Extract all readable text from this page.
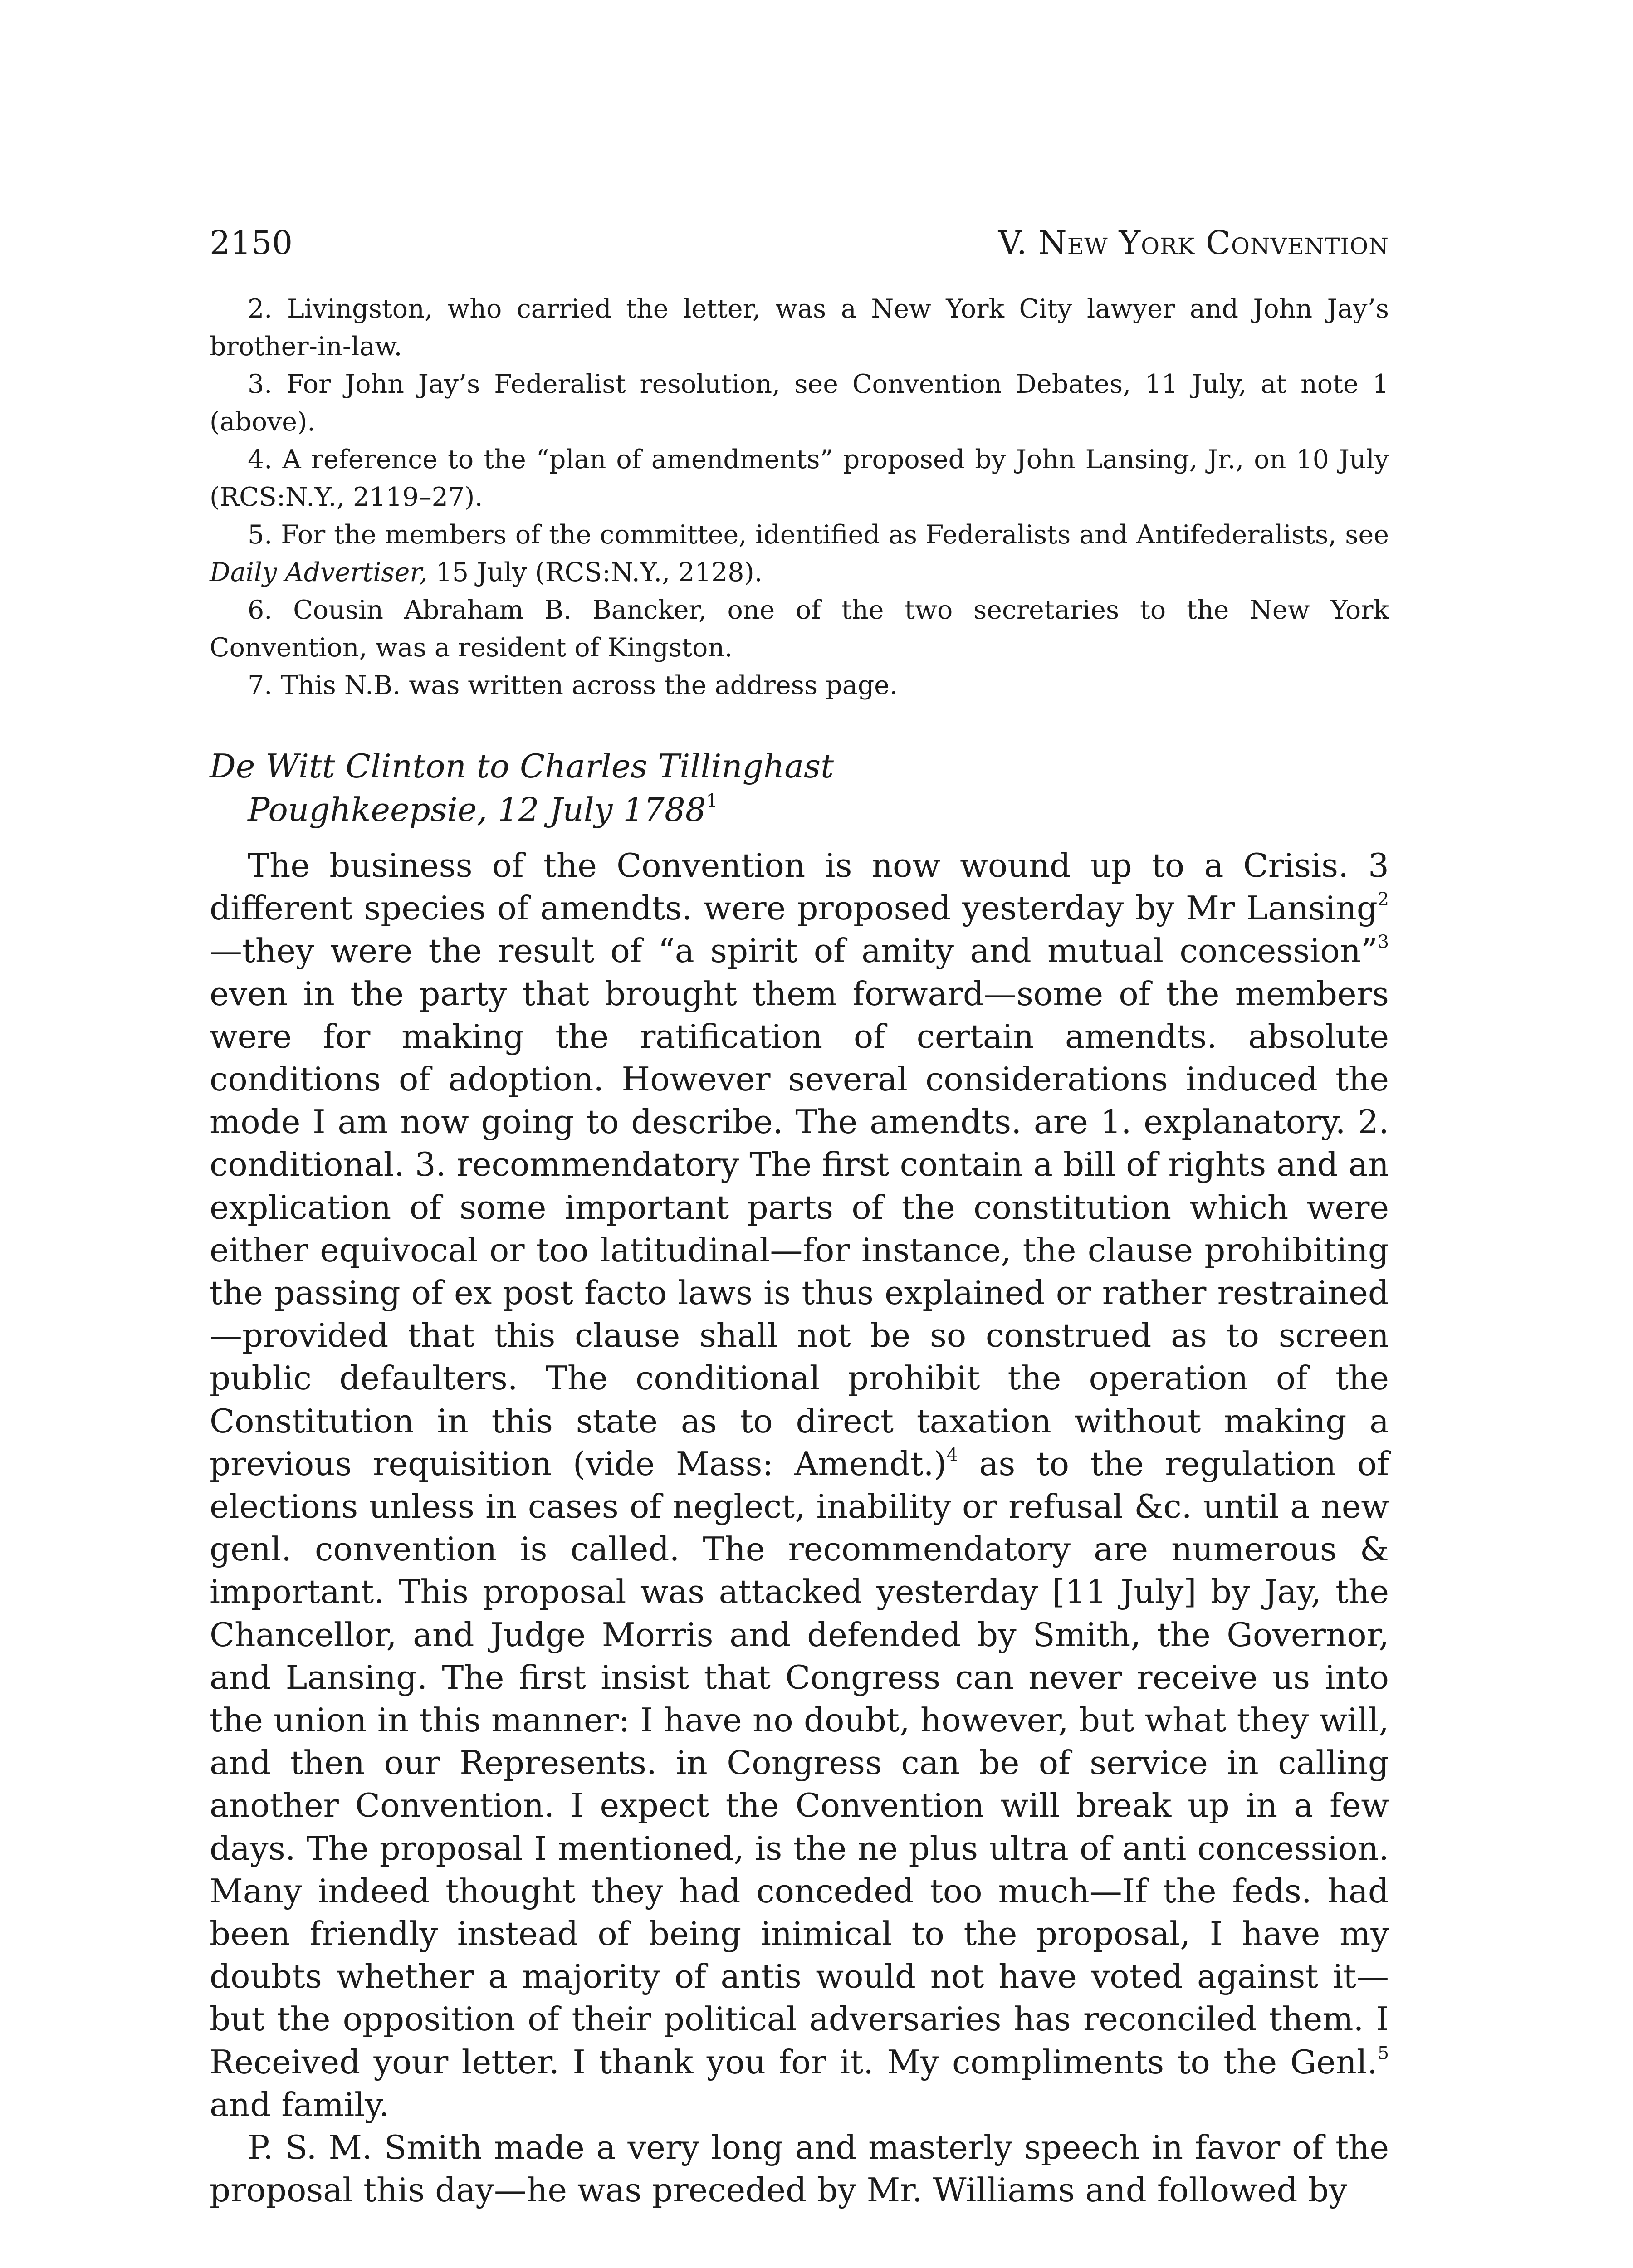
2150	V. New York Convention

2. Livingston, who carried the letter, was a New York City lawyer and John Jay’s brother-in-law.

3. For John Jay’s Federalist resolution, see Convention Debates, 11 July, at note 1 (above).

4. A reference to the “plan of amendments” proposed by John Lansing, Jr., on 10 July (RCS:N.Y., 2119–27).

5. For the members of the committee, identified as Federalists and Antifederalists, see Daily Advertiser, 15 July (RCS:N.Y., 2128).

6. Cousin Abraham B. Bancker, one of the two secretaries to the New York Convention, was a resident of Kingston.

7. This N.B. was written across the address page.

De Witt Clinton to Charles Tillinghast
Poughkeepsie, 12 July 1788$^1$

The business of the Convention is now wound up to a Crisis. 3 different species of amendts. were proposed yesterday by Mr Lansing$^2$—they were the result of “a spirit of amity and mutual concession”$^3$ even in the party that brought them forward—some of the members were for making the ratification of certain amendts. absolute conditions of adoption. However several considerations induced the mode I am now going to describe. The amendts. are 1. explanatory. 2. conditional. 3. recommendatory The first contain a bill of rights and an explication of some important parts of the constitution which were either equivocal or too latitudinal—for instance, the clause prohibiting the passing of ex post facto laws is thus explained or rather restrained—provided that this clause shall not be so construed as to screen public defaulters. The conditional prohibit the operation of the Constitution in this state as to direct taxation without making a previous requisition (vide Mass: Amendt.)$^4$ as to the regulation of elections unless in cases of neglect, inability or refusal &c. until a new genl. convention is called. The recommendatory are numerous & important. This proposal was attacked yesterday [11 July] by Jay, the Chancellor, and Judge Morris and defended by Smith, the Governor, and Lansing. The first insist that Congress can never receive us into the union in this manner: I have no doubt, however, but what they will, and then our Represents. in Congress can be of service in calling another Convention. I expect the Convention will break up in a few days. The proposal I mentioned, is the ne plus ultra of anti concession. Many indeed thought they had conceded too much—If the feds. had been friendly instead of being inimical to the proposal, I have my doubts whether a majority of antis would not have voted against it—but the opposition of their political adversaries has reconciled them. I Received your letter. I thank you for it. My compliments to the Genl.$^5$ and family.

P. S. M. Smith made a very long and masterly speech in favor of the proposal this day—he was preceded by Mr. Williams and followed by
